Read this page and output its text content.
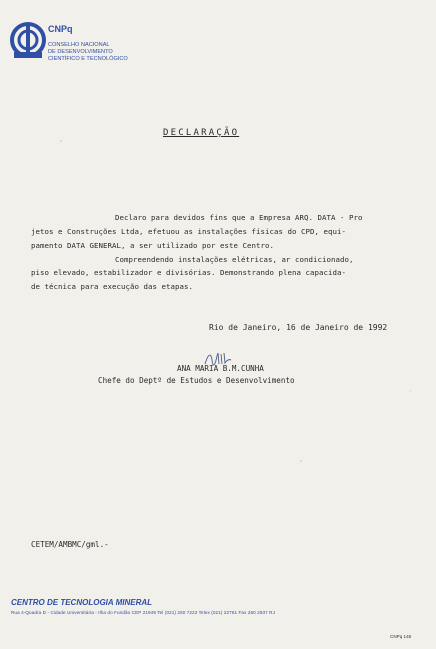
CNPq
CONSELHO NACIONAL
DE DESENVOLVIMENTO
CIENTÍFICO E TECNOLÓGICO
DECLARAÇÃO
Declaro para devidos fins que a Empresa ARQ. DATA - Pro
jetos e Construções Ltda, efetuou as instalações físicas do CPD, equi-
pamento DATA GENERAL, a ser utilizado por este Centro.
Compreendendo instalações elétricas, ar condicionado,
piso elevado, estabilizador e divisórias. Demonstrando plena capacida-
de técnica para execução das etapas.
Rio de Janeiro, 16 de Janeiro de 1992
ANA MARIA B.M.CUNHA
Chefe do Deptº de Estudos e Desenvolvimento
CETEM/AMBMC/gml.-
CENTRO DE TECNOLOGIA MINERAL
Rua 4-Quadra D - Cidade Universitária - Ilha do Fundão CEP 21949 Tel (021) 260 7222 Telex (021) 22761 Fax 260 2837 RJ
CNPq 145
